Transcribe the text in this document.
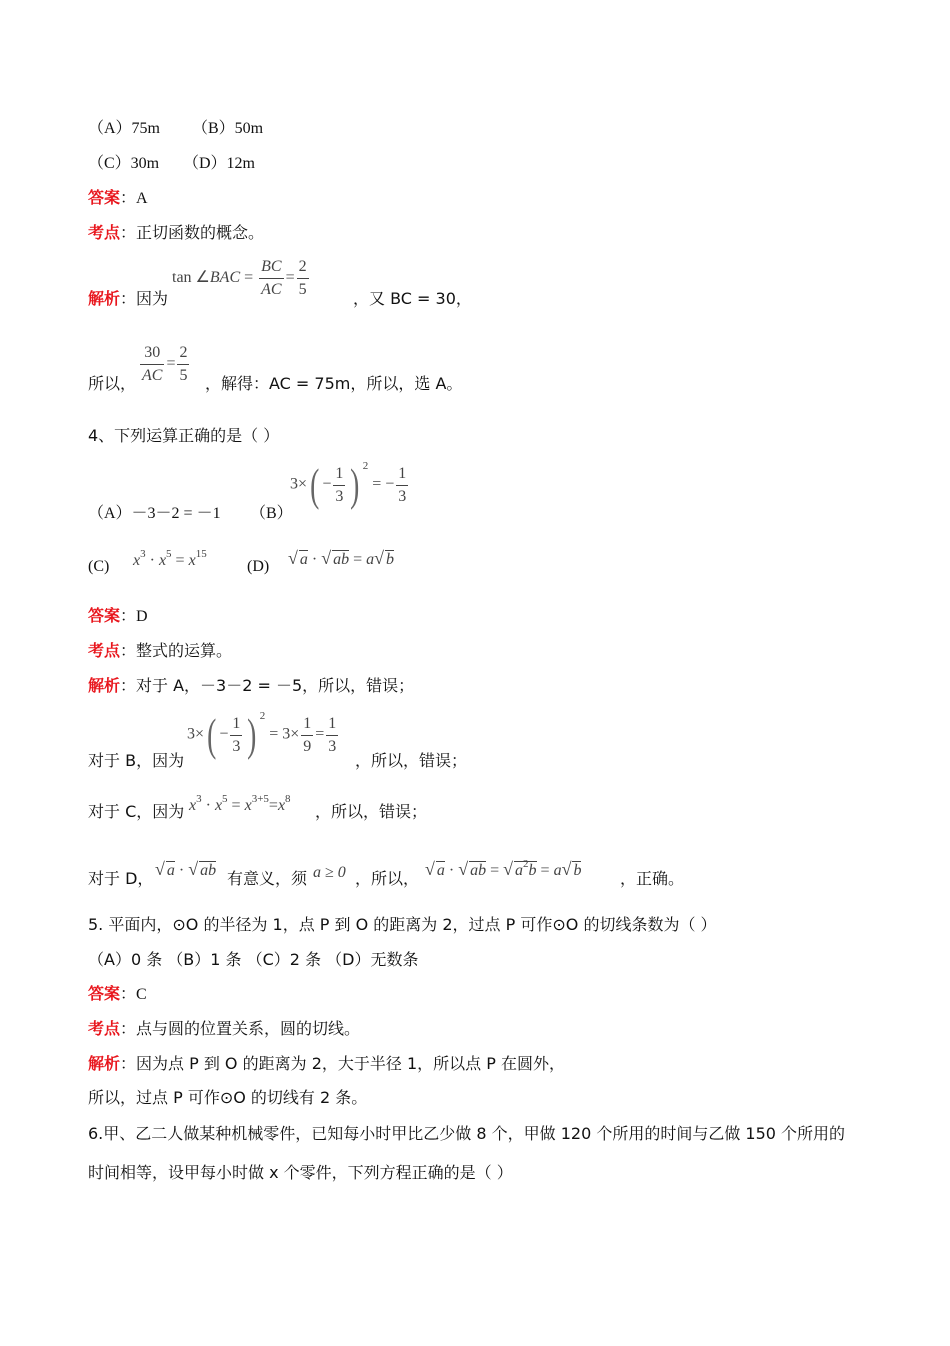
（A）75m （B）50m
（C）30m （D）12m
答案：A
考点：正切函数的概念。
解析：因为
tan ∠BAC = $\frac{BC}{AC} = \frac{2}{5}$	，又 BC = 30，
所以， $\frac{30}{AC} = \frac{2}{5}$ ，解得：AC = 75m，所以，选 A。
4、下列运算正确的是（ ）
（A）－3－2 = －1 （B）
$3\times( - \frac{1}{3}$ ) $^2$ = − $\frac{1}{3}$
(C) $x^3 \cdot x^5 = x^{15}$
(D) √ a · √ ab = a√ b
答案：D
考点：整式的运算。
解析：对于 A，－3－2 = －5，所以，错误；
对于 B，因为
$3\times( - \frac{1}{3}$ ) $^2 = 3\times \frac{1}{9} = \frac{1}{3}$
，所以，错误；
对于 C，因为 $x^3 \cdot x^5 = x^{3+5}=x^8$
，所以，错误；
对于 D， √ a · √ ab 有意义，须 a ≥ 0 ，所以， √ a · √ ab = √ $a^2b = a√$ b ，正确。
5. 平面内，⊙O 的半径为 1，点 P 到 O 的距离为 2，过点 P 可作⊙O 的切线条数为（ ）
（A）0 条 （B）1 条 （C）2 条 （D）无数条
答案：C
考点：点与圆的位置关系，圆的切线。
解析：因为点 P 到 O 的距离为 2，大于半径 1，所以点 P 在圆外，
所以，过点 P 可作⊙O 的切线有 2 条。
6.甲、乙二人做某种机械零件，已知每小时甲比乙少做 8 个，甲做 120 个所用的时间与乙做 150 个所用的
时间相等，设甲每小时做 x 个零件，下列方程正确的是（ ）
